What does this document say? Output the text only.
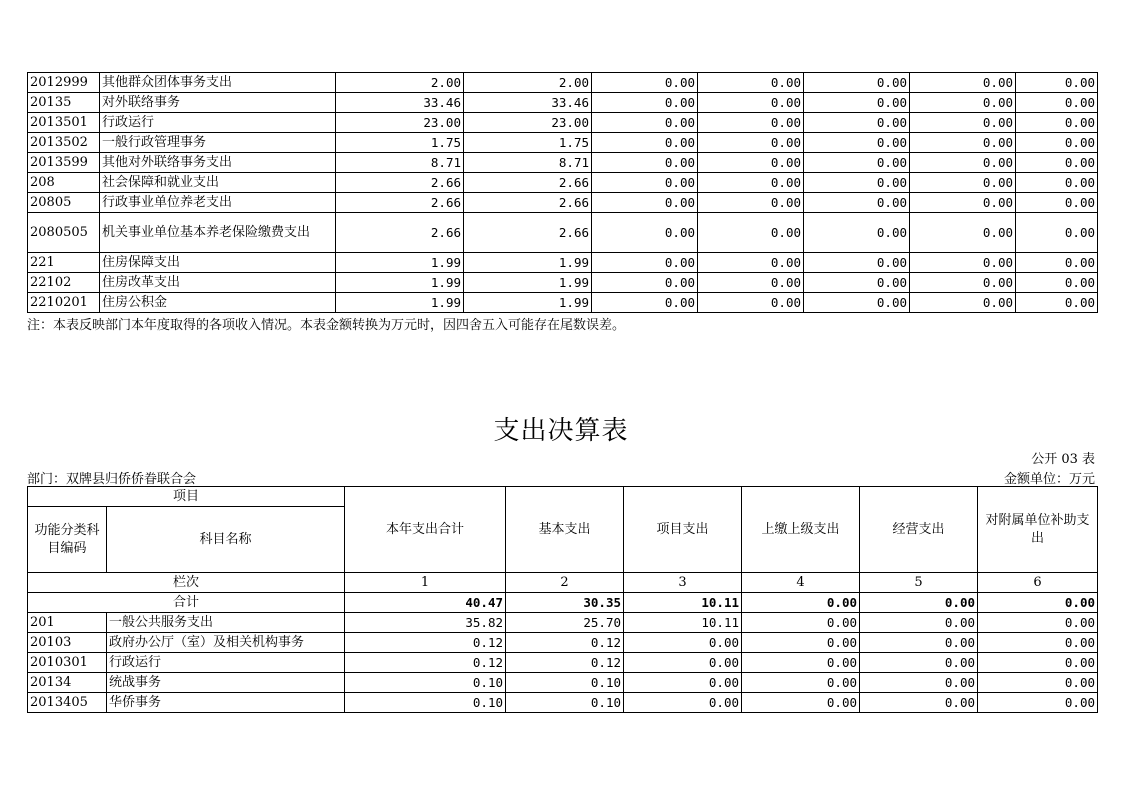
2012999	其他群众团体事务支出	2.00	2.00	0.00	0.00	0.00	0.00	0.00
20135	对外联络事务	33.46	33.46	0.00	0.00	0.00	0.00	0.00
2013501	行政运行	23.00	23.00	0.00	0.00	0.00	0.00	0.00
2013502	一般行政管理事务	1.75	1.75	0.00	0.00	0.00	0.00	0.00
2013599	其他对外联络事务支出	8.71	8.71	0.00	0.00	0.00	0.00	0.00
208	社会保障和就业支出	2.66	2.66	0.00	0.00	0.00	0.00	0.00
20805	行政事业单位养老支出	2.66	2.66	0.00	0.00	0.00	0.00	0.00
2080505	机关事业单位基本养老保险缴费支出	2.66	2.66	0.00	0.00	0.00	0.00	0.00
221	住房保障支出	1.99	1.99	0.00	0.00	0.00	0.00	0.00
22102	住房改革支出	1.99	1.99	0.00	0.00	0.00	0.00	0.00
2210201	住房公积金	1.99	1.99	0.00	0.00	0.00	0.00	0.00
注：本表反映部门本年度取得的各项收入情况。本表金额转换为万元时，因四舍五入可能存在尾数误差。
支出决算表
公开 03 表
部门：双牌县归侨侨眷联合会	金额单位：万元
项目		本年支出合计	基本支出	项目支出	上缴上级支出	经营支出	对附属单位补助支出
功能分类科目编码	科目名称						
栏次		1	2	3	4	5	6
合计		40.47	30.35	10.11	0.00	0.00	0.00
201	一般公共服务支出	35.82	25.70	10.11	0.00	0.00	0.00
20103	政府办公厅（室）及相关机构事务	0.12	0.12	0.00	0.00	0.00	0.00
2010301	行政运行	0.12	0.12	0.00	0.00	0.00	0.00
20134	统战事务	0.10	0.10	0.00	0.00	0.00	0.00
2013405	华侨事务	0.10	0.10	0.00	0.00	0.00	0.00
